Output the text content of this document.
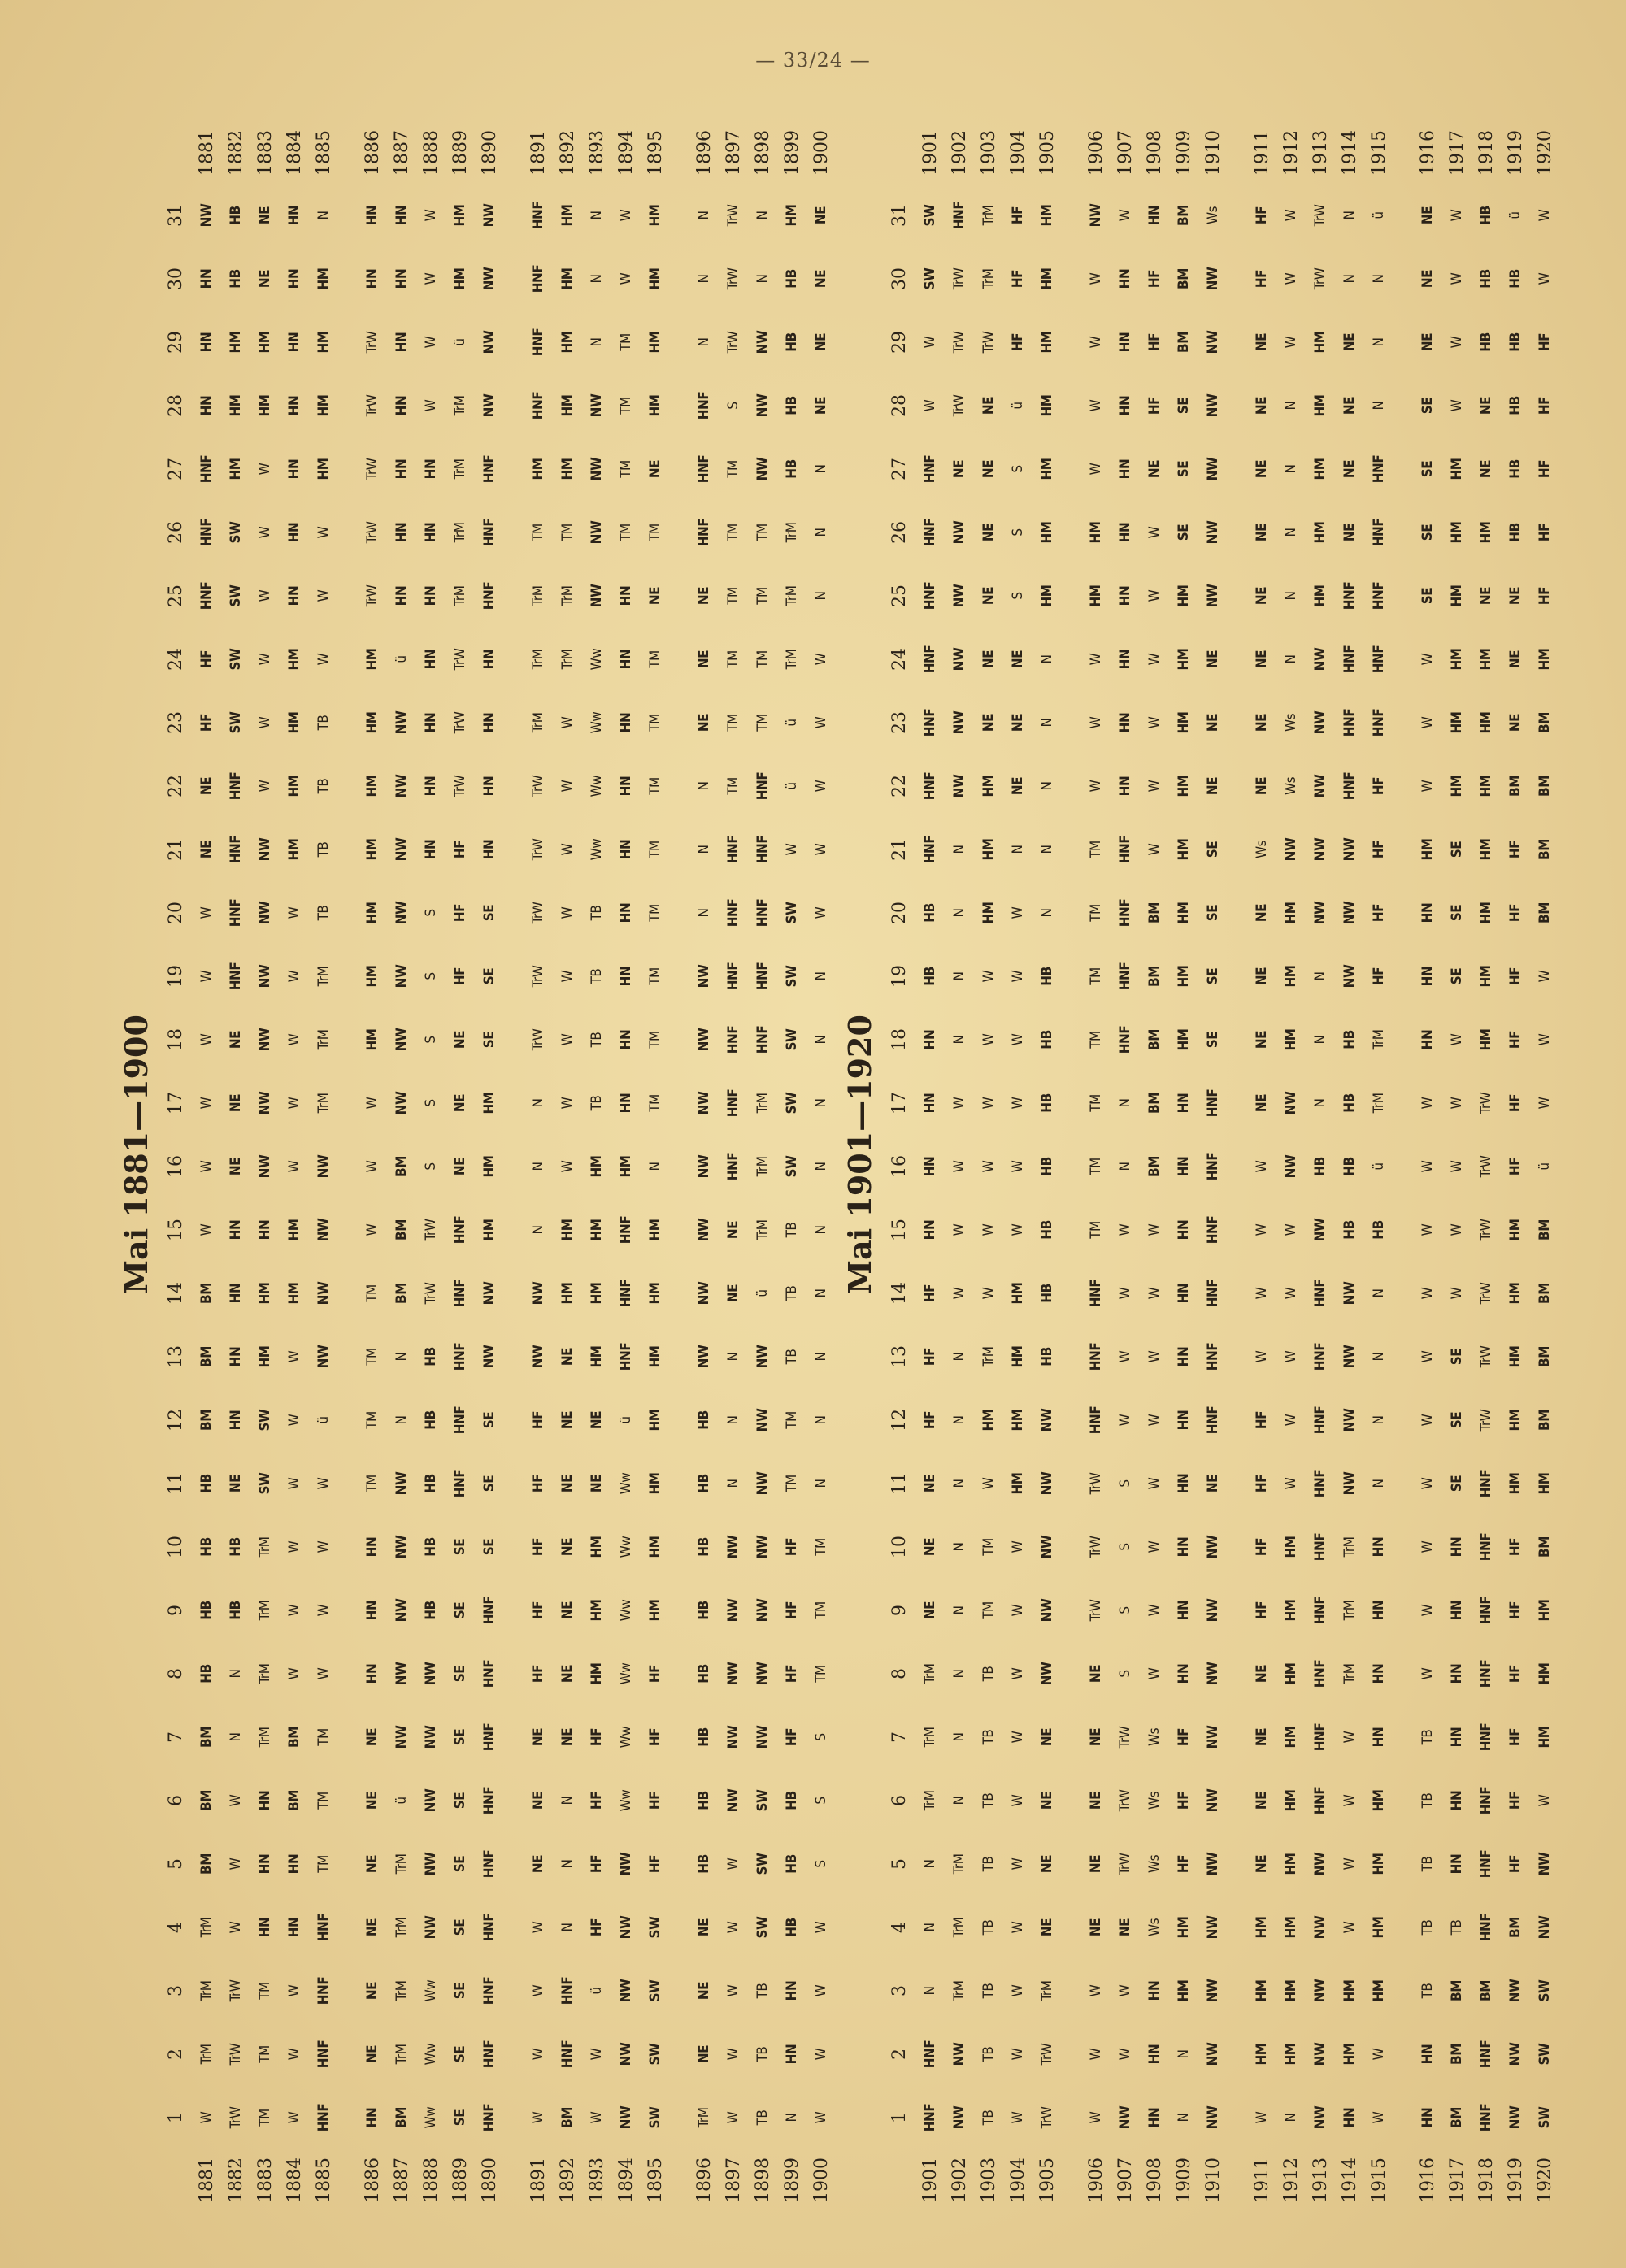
— 33/24 —
Mai 1881—1900
	1	2	3	4	5	6	7	8	9	10	11	12	13	14	15	16	17	18	19	20	21	22	23	24	25	26	27	28	29	30	31	
1881	W	TrM	TrM	TrM	BM	BM	BM	HB	HB	HB	HB	BM	BM	BM	W	W	W	W	W	W	NE	NE	HF	HF	HNF	HNF	HNF	HN	HN	HN	NW	1881
1882	TrW	TrW	TrW	W	W	W	N	N	HB	HB	NE	HN	HN	HN	HN	NE	NE	NE	HNF	HNF	HNF	HNF	SW	SW	SW	SW	HM	HM	HM	HB	HB	1882
1883	TM	TM	TM	HN	HN	HN	TrM	TrM	TrM	TrM	SW	SW	HM	HM	HN	NW	NW	NW	NW	NW	NW	W	W	W	W	W	W	HM	HM	NE	NE	1883
1884	W	W	W	HN	HN	BM	BM	W	W	W	W	W	W	HM	HM	W	W	W	W	W	HM	HM	HM	HM	HN	HN	HN	HN	HN	HN	HN	1884
1885	HNF	HNF	HNF	HNF	TM	TM	TM	W	W	W	W	ü	NW	NW	NW	NW	TrM	TrM	TrM	TB	TB	TB	TB	W	W	W	HM	HM	HM	HM	N	1885

1886	HN	NE	NE	NE	NE	NE	NE	HN	HN	HN	TM	TM	TM	TM	W	W	W	HM	HM	HM	HM	HM	HM	HM	TrW	TrW	TrW	TrW	TrW	HN	HN	1886
1887	BM	TrM	TrM	TrM	TrM	ü	NW	NW	NW	NW	NW	N	N	BM	BM	BM	NW	NW	NW	NW	NW	NW	NW	ü	HN	HN	HN	HN	HN	HN	HN	1887
1888	Ww	Ww	Ww	NW	NW	NW	NW	NW	HB	HB	HB	HB	HB	TrW	TrW	S	S	S	S	S	HN	HN	HN	HN	HN	HN	HN	W	W	W	W	1888
1889	SE	SE	SE	SE	SE	SE	SE	SE	SE	SE	HNF	HNF	HNF	HNF	HNF	NE	NE	NE	HF	HF	HF	TrW	TrW	TrW	TrM	TrM	TrM	TrM	ü	HM	HM	1889
1890	HNF	HNF	HNF	HNF	HNF	HNF	HNF	HNF	HNF	SE	SE	SE	NW	NW	HM	HM	HM	SE	SE	SE	HN	HN	HN	HN	HNF	HNF	HNF	NW	NW	NW	NW	1890

1891	W	W	W	W	NE	NE	NE	HF	HF	HF	HF	HF	NW	NW	N	N	N	TrW	TrW	TrW	TrW	TrW	TrM	TrM	TrM	TM	HM	HNF	HNF	HNF	HNF	1891
1892	BM	HNF	HNF	N	N	N	NE	NE	NE	NE	NE	NE	NE	HM	HM	W	W	W	W	W	W	W	W	TrM	TrM	TM	HM	HM	HM	HM	HM	1892
1893	W	W	ü	HF	HF	HF	HF	HM	HM	HM	NE	NE	HM	HM	HM	HM	TB	TB	TB	TB	Ww	Ww	Ww	Ww	NW	NW	NW	NW	N	N	N	1893
1894	NW	NW	NW	NW	NW	Ww	Ww	Ww	Ww	Ww	Ww	ü	HNF	HNF	HNF	HM	HN	HN	HN	HN	HN	HN	HN	HN	HN	TM	TM	TM	TM	W	W	1894
1895	SW	SW	SW	SW	HF	HF	HF	HF	HM	HM	HM	HM	HM	HM	HM	N	TM	TM	TM	TM	TM	TM	TM	TM	NE	TM	NE	HM	HM	HM	HM	1895

1896	TrM	NE	NE	NE	HB	HB	HB	HB	HB	HB	HB	HB	NW	NW	NW	NW	NW	NW	NW	N	N	N	NE	NE	NE	HNF	HNF	HNF	N	N	N	1896
1897	W	W	W	W	W	NW	NW	NW	NW	NW	N	N	N	NE	NE	HNF	HNF	HNF	HNF	HNF	HNF	TM	TM	TM	TM	TM	TM	S	TrW	TrW	TrW	1897
1898	TB	TB	TB	SW	SW	SW	NW	NW	NW	NW	NW	NW	NW	ü	TrM	TrM	TrM	HNF	HNF	HNF	HNF	HNF	TM	TM	TM	TM	NW	NW	NW	N	N	1898
1899	N	HN	HN	HB	HB	HB	HF	HF	HF	HF	TM	TM	TB	TB	TB	SW	SW	SW	SW	SW	W	ü	ü	TrM	TrM	TrM	HB	HB	HB	HB	HM	1899
1900	W	W	W	W	S	S	S	TM	TM	TM	N	N	N	N	N	N	N	N	N	W	W	W	W	W	N	N	N	NE	NE	NE	NE	1900
Mai 1901—1920
	1	2	3	4	5	6	7	8	9	10	11	12	13	14	15	16	17	18	19	20	21	22	23	24	25	26	27	28	29	30	31	
1901	HNF	HNF	N	N	N	TrM	TrM	TrM	NE	NE	NE	HF	HF	HF	HN	HN	HN	HN	HB	HB	HNF	HNF	HNF	HNF	HNF	HNF	HNF	W	W	SW	SW	1901
1902	NW	NW	TrM	TrM	TrM	N	N	N	N	N	N	N	N	W	W	W	W	N	N	N	N	NW	NW	NW	NW	NW	NE	TrW	TrW	TrW	HNF	1902
1903	TB	TB	TB	TB	TB	TB	TB	TB	TM	TM	W	HM	TrM	W	W	W	W	W	W	HM	HM	HM	NE	NE	NE	NE	NE	NE	TrW	TrM	TrM	1903
1904	W	W	W	W	W	W	W	W	W	W	HM	HM	HM	HM	W	W	W	W	W	W	N	NE	NE	NE	S	S	S	ü	HF	HF	HF	1904
1905	TrW	TrW	TrM	NE	NE	NE	NE	NW	NW	NW	NW	NW	HB	HB	HB	HB	HB	HB	HB	N	N	N	N	N	HM	HM	HM	HM	HM	HM	HM	1905

1906	W	W	W	NE	NE	NE	NE	NE	TrW	TrW	TrW	HNF	HNF	HNF	TM	TM	TM	TM	TM	TM	TM	W	W	W	HM	HM	W	W	W	W	NW	1906
1907	NW	W	W	NE	TrW	TrW	TrW	S	S	S	S	W	W	W	W	N	N	HNF	HNF	HNF	HNF	HN	HN	HN	HN	HN	HN	HN	HN	HN	W	1907
1908	HN	HN	HN	Ws	Ws	Ws	Ws	W	W	W	W	W	W	W	W	BM	BM	BM	BM	BM	W	W	W	W	W	W	NE	HF	HF	HF	HN	1908
1909	N	N	HM	HM	HF	HF	HF	HN	HN	HN	HN	HN	HN	HN	HN	HN	HN	HM	HM	HM	HM	HM	HM	HM	HM	SE	SE	SE	BM	BM	BM	1909
1910	NW	NW	NW	NW	NW	NW	NW	NW	NW	NW	NE	HNF	HNF	HNF	HNF	HNF	HNF	SE	SE	SE	SE	NE	NE	NE	NW	NW	NW	NW	NW	NW	Ws	1910

1911	W	HM	HM	HM	NE	NE	NE	NE	HF	HF	HF	HF	W	W	W	W	NE	NE	NE	NE	Ws	NE	NE	NE	NE	NE	NE	NE	NE	HF	HF	1911
1912	N	HM	HM	HM	HM	HM	HM	HM	HM	HM	W	W	W	W	W	NW	NW	HM	HM	HM	NW	Ws	Ws	N	N	N	N	N	W	W	W	1912
1913	NW	NW	NW	NW	NW	HNF	HNF	HNF	HNF	HNF	HNF	HNF	HNF	HNF	NW	HB	N	N	N	NW	NW	NW	NW	NW	HM	HM	HM	HM	HM	TrW	TrW	1913
1914	HN	HM	HM	W	W	W	W	TrM	TrM	TrM	NW	NW	NW	NW	HB	HB	HB	HB	NW	NW	NW	HNF	HNF	HNF	HNF	NE	NE	NE	NE	N	N	1914
1915	W	W	HM	HM	HM	HM	HN	HN	HN	HN	N	N	N	N	HB	ü	TrM	TrM	HF	HF	HF	HF	HNF	HNF	HNF	HNF	HNF	N	N	N	ü	1915

1916	HN	HN	TB	TB	TB	TB	TB	W	W	W	W	W	W	W	W	W	W	HN	HN	HN	HM	W	W	W	SE	SE	SE	SE	NE	NE	NE	1916
1917	BM	BM	BM	TB	HN	HN	HN	HN	HN	HN	SE	SE	SE	W	W	W	W	W	SE	SE	SE	HM	HM	HM	HM	HM	HM	W	W	W	W	1917
1918	HNF	HNF	BM	HNF	HNF	HNF	HNF	HNF	HNF	HNF	HNF	TrW	TrW	TrW	TrW	TrW	TrW	HM	HM	HM	HM	HM	HM	HM	NE	HM	NE	NE	HB	HB	HB	1918
1919	NW	NW	NW	BM	HF	HF	HF	HF	HF	HF	HM	HM	HM	HM	HM	HF	HF	HF	HF	HF	HF	BM	NE	NE	NE	HB	HB	HB	HB	HB	ü	1919
1920	SW	SW	SW	NW	NW	W	HM	HM	HM	BM	HM	BM	BM	BM	BM	ü	W	W	W	BM	BM	BM	BM	HM	HF	HF	HF	HF	HF	W	W	1920
